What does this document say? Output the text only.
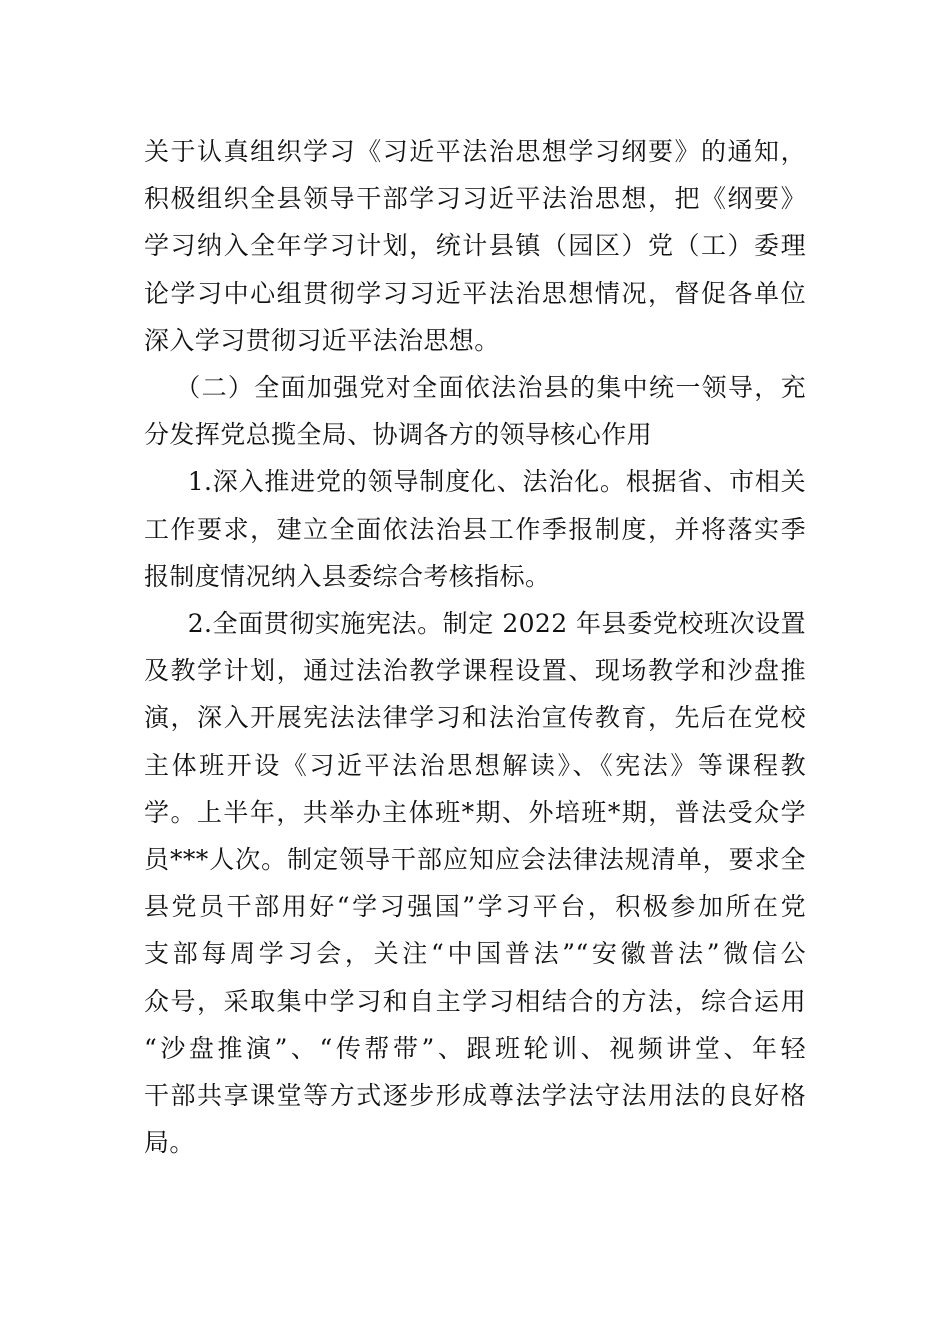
关于认真组织学习《习近平法治思想学习纲要》的通知，
积极组织全县领导干部学习习近平法治思想，把《纲要》
学习纳入全年学习计划，统计县镇（园区）党（工）委理
论学习中心组贯彻学习习近平法治思想情况，督促各单位
深入学习贯彻习近平法治思想。
（二）全面加强党对全面依法治县的集中统一领导，充
分发挥党总揽全局、协调各方的领导核心作用
1.深入推进党的领导制度化、法治化。根据省、市相关
工作要求，建立全面依法治县工作季报制度，并将落实季
报制度情况纳入县委综合考核指标。
2.全面贯彻实施宪法。制定 2022 年县委党校班次设置
及教学计划，通过法治教学课程设置、现场教学和沙盘推
演，深入开展宪法法律学习和法治宣传教育，先后在党校
主体班开设《习近平法治思想解读》、《宪法》等课程教
学。上半年，共举办主体班*期、外培班*期，普法受众学
员***人次。制定领导干部应知应会法律法规清单，要求全
县党员干部用好“学习强国”学习平台，积极参加所在党
支部每周学习会，关注“中国普法”“安徽普法”微信公
众号，采取集中学习和自主学习相结合的方法，综合运用
“沙盘推演”、“传帮带”、跟班轮训、视频讲堂、年轻
干部共享课堂等方式逐步形成尊法学法守法用法的良好格
局。
